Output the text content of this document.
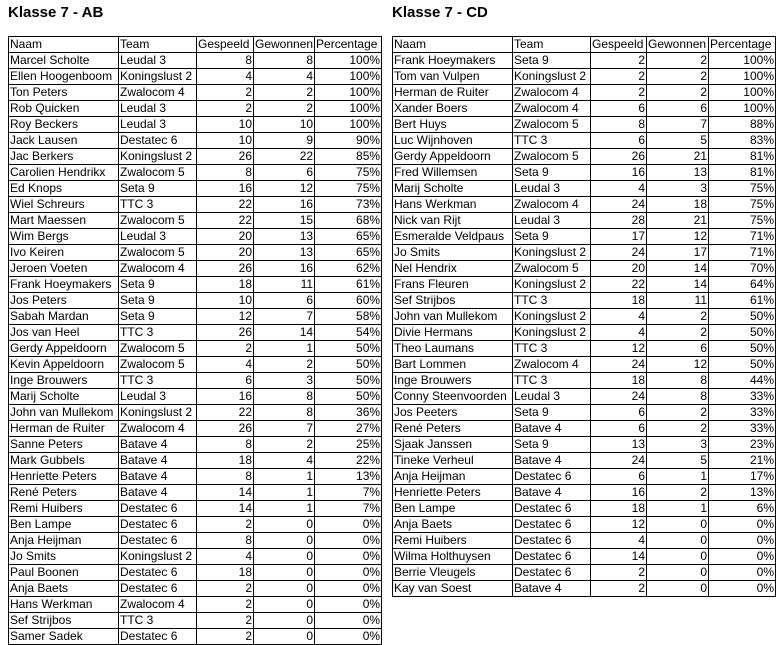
Klasse 7 - AB
Naam	Team	Gespeeld	Gewonnen	Percentage
Marcel Scholte	Leudal 3	8	8	100%
Ellen Hoogenboom	Koningslust 2	4	4	100%
Ton Peters	Zwalocom 4	2	2	100%
Rob Quicken	Leudal 3	2	2	100%
Roy Beckers	Leudal 3	10	10	100%
Jack Lausen	Destatec 6	10	9	90%
Jac Berkers	Koningslust 2	26	22	85%
Carolien Hendrikx	Zwalocom 5	8	6	75%
Ed Knops	Seta 9	16	12	75%
Wiel Schreurs	TTC 3	22	16	73%
Mart Maessen	Zwalocom 5	22	15	68%
Wim Bergs	Leudal 3	20	13	65%
Ivo Keiren	Zwalocom 5	20	13	65%
Jeroen Voeten	Zwalocom 4	26	16	62%
Frank Hoeymakers	Seta 9	18	11	61%
Jos Peters	Seta 9	10	6	60%
Sabah Mardan	Seta 9	12	7	58%
Jos van Heel	TTC 3	26	14	54%
Gerdy Appeldoorn	Zwalocom 5	2	1	50%
Kevin Appeldoorn	Zwalocom 5	4	2	50%
Inge Brouwers	TTC 3	6	3	50%
Marij Scholte	Leudal 3	16	8	50%
John van Mullekom	Koningslust 2	22	8	36%
Herman de Ruiter	Zwalocom 4	26	7	27%
Sanne Peters	Batave 4	8	2	25%
Mark Gubbels	Batave 4	18	4	22%
Henriette Peters	Batave 4	8	1	13%
René Peters	Batave 4	14	1	7%
Remi Huibers	Destatec 6	14	1	7%
Ben Lampe	Destatec 6	2	0	0%
Anja Heijman	Destatec 6	8	0	0%
Jo Smits	Koningslust 2	4	0	0%
Paul Boonen	Destatec 6	18	0	0%
Anja Baets	Destatec 6	2	0	0%
Hans Werkman	Zwalocom 4	2	0	0%
Sef Strijbos	TTC 3	2	0	0%
Samer Sadek	Destatec 6	2	0	0%
Klasse 7 - CD
Naam	Team	Gespeeld	Gewonnen	Percentage
Frank Hoeymakers	Seta 9	2	2	100%
Tom van Vulpen	Koningslust 2	2	2	100%
Herman de Ruiter	Zwalocom 4	2	2	100%
Xander Boers	Zwalocom 4	6	6	100%
Bert Huys	Zwalocom 5	8	7	88%
Luc Wijnhoven	TTC 3	6	5	83%
Gerdy Appeldoorn	Zwalocom 5	26	21	81%
Fred Willemsen	Seta 9	16	13	81%
Marij Scholte	Leudal 3	4	3	75%
Hans Werkman	Zwalocom 4	24	18	75%
Nick van Rijt	Leudal 3	28	21	75%
Esmeralde Veldpaus	Seta 9	17	12	71%
Jo Smits	Koningslust 2	24	17	71%
Nel Hendrix	Zwalocom 5	20	14	70%
Frans Fleuren	Koningslust 2	22	14	64%
Sef Strijbos	TTC 3	18	11	61%
John van Mullekom	Koningslust 2	4	2	50%
Divie Hermans	Koningslust 2	4	2	50%
Theo Laumans	TTC 3	12	6	50%
Bart Lommen	Zwalocom 4	24	12	50%
Inge Brouwers	TTC 3	18	8	44%
Conny Steenvoorden	Leudal 3	24	8	33%
Jos Peeters	Seta 9	6	2	33%
René Peters	Batave 4	6	2	33%
Sjaak Janssen	Seta 9	13	3	23%
Tineke Verheul	Batave 4	24	5	21%
Anja Heijman	Destatec 6	6	1	17%
Henriette Peters	Batave 4	16	2	13%
Ben Lampe	Destatec 6	18	1	6%
Anja Baets	Destatec 6	12	0	0%
Remi Huibers	Destatec 6	4	0	0%
Wilma Holthuysen	Destatec 6	14	0	0%
Berrie Vleugels	Destatec 6	2	0	0%
Kay van Soest	Batave 4	2	0	0%
